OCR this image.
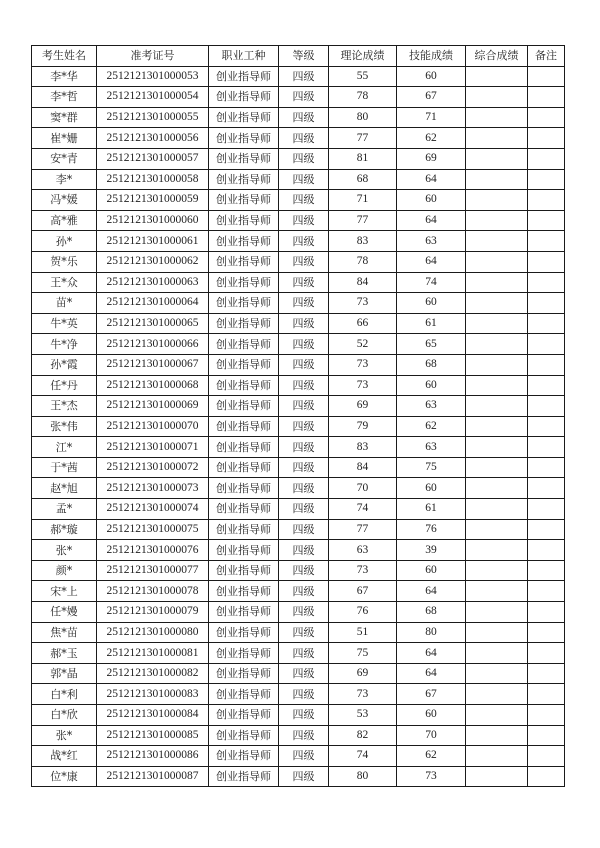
考生姓名	准考证号	职业工种	等级	理论成绩	技能成绩	综合成绩	备注
李*华	2512121301000053	创业指导师	四级	55	60		
李*哲	2512121301000054	创业指导师	四级	78	67		
窦*群	2512121301000055	创业指导师	四级	80	71		
崔*姗	2512121301000056	创业指导师	四级	77	62		
安*青	2512121301000057	创业指导师	四级	81	69		
李*	2512121301000058	创业指导师	四级	68	64		
冯*媛	2512121301000059	创业指导师	四级	71	60		
高*雅	2512121301000060	创业指导师	四级	77	64		
孙*	2512121301000061	创业指导师	四级	83	63		
贺*乐	2512121301000062	创业指导师	四级	78	64		
王*众	2512121301000063	创业指导师	四级	84	74		
苗*	2512121301000064	创业指导师	四级	73	60		
牛*英	2512121301000065	创业指导师	四级	66	61		
牛*净	2512121301000066	创业指导师	四级	52	65		
孙*霞	2512121301000067	创业指导师	四级	73	68		
任*丹	2512121301000068	创业指导师	四级	73	60		
王*杰	2512121301000069	创业指导师	四级	69	63		
张*伟	2512121301000070	创业指导师	四级	79	62		
江*	2512121301000071	创业指导师	四级	83	63		
于*茜	2512121301000072	创业指导师	四级	84	75		
赵*旭	2512121301000073	创业指导师	四级	70	60		
孟*	2512121301000074	创业指导师	四级	74	61		
郝*璇	2512121301000075	创业指导师	四级	77	76		
张*	2512121301000076	创业指导师	四级	63	39		
颜*	2512121301000077	创业指导师	四级	73	60		
宋*上	2512121301000078	创业指导师	四级	67	64		
任*嫚	2512121301000079	创业指导师	四级	76	68		
焦*苗	2512121301000080	创业指导师	四级	51	80		
郝*玉	2512121301000081	创业指导师	四级	75	64		
郭*晶	2512121301000082	创业指导师	四级	69	64		
白*利	2512121301000083	创业指导师	四级	73	67		
白*欣	2512121301000084	创业指导师	四级	53	60		
张*	2512121301000085	创业指导师	四级	82	70		
战*红	2512121301000086	创业指导师	四级	74	62		
位*康	2512121301000087	创业指导师	四级	80	73		
